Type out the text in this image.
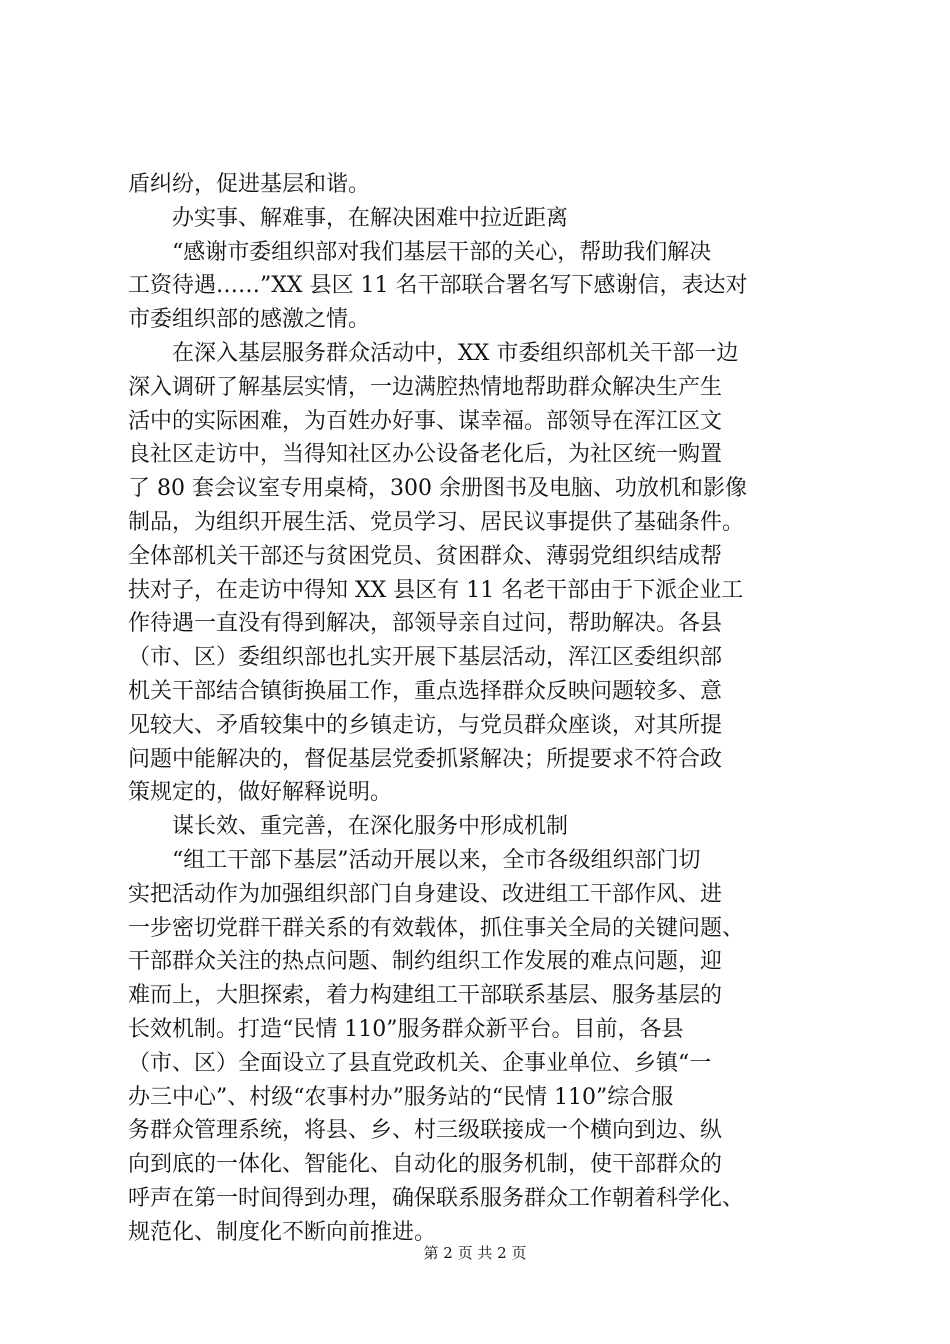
盾纠纷，促进基层和谐。
　　办实事、解难事，在解决困难中拉近距离
　　“感谢市委组织部对我们基层干部的关心，帮助我们解决
工资待遇……”XX 县区 11 名干部联合署名写下感谢信，表达对
市委组织部的感激之情。
　　在深入基层服务群众活动中，XX 市委组织部机关干部一边
深入调研了解基层实情，一边满腔热情地帮助群众解决生产生
活中的实际困难，为百姓办好事、谋幸福。部领导在浑江区文
良社区走访中，当得知社区办公设备老化后，为社区统一购置
了 80 套会议室专用桌椅，300 余册图书及电脑、功放机和影像
制品，为组织开展生活、党员学习、居民议事提供了基础条件。
全体部机关干部还与贫困党员、贫困群众、薄弱党组织结成帮
扶对子，在走访中得知 XX 县区有 11 名老干部由于下派企业工
作待遇一直没有得到解决，部领导亲自过问，帮助解决。各县
（市、区）委组织部也扎实开展下基层活动，浑江区委组织部
机关干部结合镇街换届工作，重点选择群众反映问题较多、意
见较大、矛盾较集中的乡镇走访，与党员群众座谈，对其所提
问题中能解决的，督促基层党委抓紧解决；所提要求不符合政
策规定的，做好解释说明。
　　谋长效、重完善，在深化服务中形成机制
　　“组工干部下基层”活动开展以来，全市各级组织部门切
实把活动作为加强组织部门自身建设、改进组工干部作风、进
一步密切党群干群关系的有效载体，抓住事关全局的关键问题、
干部群众关注的热点问题、制约组织工作发展的难点问题，迎
难而上，大胆探索，着力构建组工干部联系基层、服务基层的
长效机制。打造“民情 110”服务群众新平台。目前，各县
（市、区）全面设立了县直党政机关、企事业单位、乡镇“一
办三中心”、村级“农事村办”服务站的“民情 110”综合服
务群众管理系统，将县、乡、村三级联接成一个横向到边、纵
向到底的一体化、智能化、自动化的服务机制，使干部群众的
呼声在第一时间得到办理，确保联系服务群众工作朝着科学化、
规范化、制度化不断向前推进。
第 2 页 共 2 页
